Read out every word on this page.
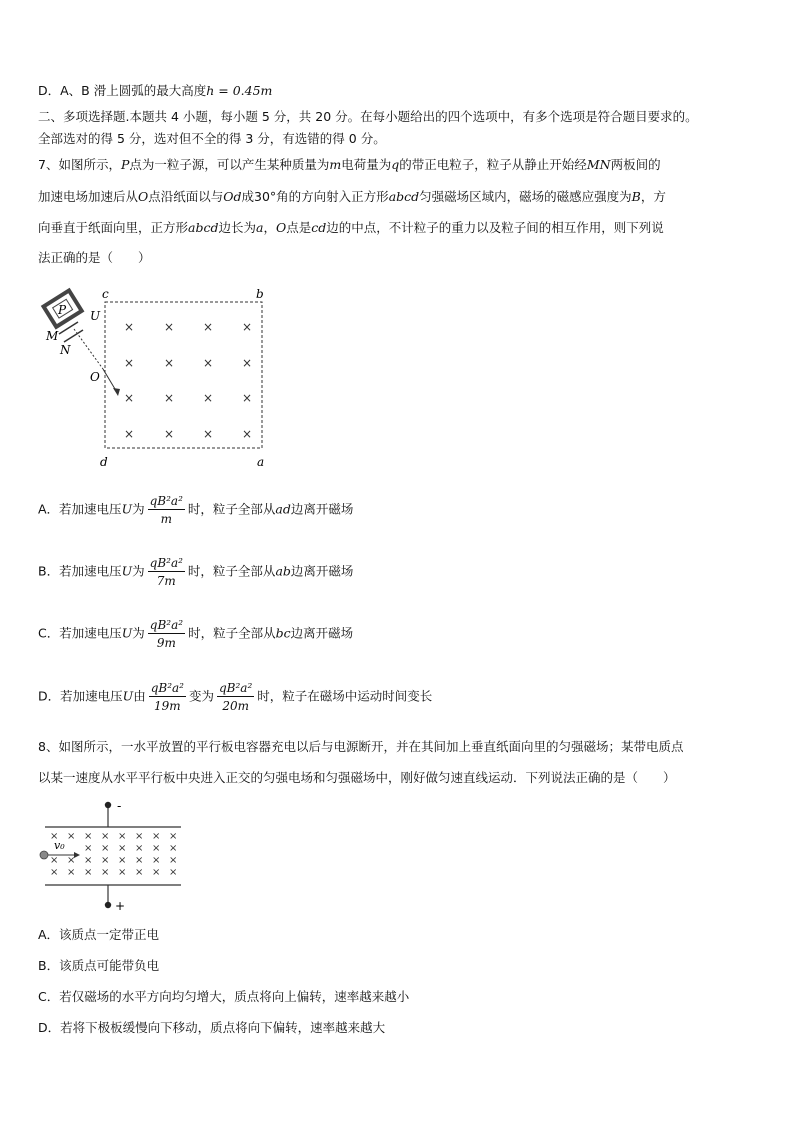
D．A、B 滑上圆弧的最大高度h = 0.45m
二、多项选择题.本题共 4 小题，每小题 5 分，共 20 分。在每小题给出的四个选项中，有多个选项是符合题目要求的。
全部选对的得 5 分，选对但不全的得 3 分，有选错的得 0 分。
7、如图所示，P点为一粒子源，可以产生某种质量为m电荷量为q的带正电粒子，粒子从静止开始经MN两板间的
加速电场加速后从O点沿纸面以与Od成30°角的方向射入正方形abcd匀强磁场区域内，磁场的磁感应强度为B，方
向垂直于纸面向里，正方形abcd边长为a，O点是cd边的中点，不计粒子的重力以及粒子间的相互作用，则下列说
法正确的是（　　）
P U
M
N
O
c	b
d	a
× × × ×
× × × ×
× × × ×
× × × ×
A．若加速电压U为 $\frac{\text{qB²a²}}{m}$ 时，粒子全部从ad边离开磁场
B．若加速电压U为 $\frac{\text{qB²a²}}{7m}$ 时，粒子全部从ab边离开磁场
C．若加速电压U为 $\frac{\text{qB²a²}}{9m}$ 时，粒子全部从bc边离开磁场
D．若加速电压U由 $\frac{\text{qB²a²}}{19m}$ 变为 $\frac{\text{qB²a²}}{20m}$ 时，粒子在磁场中运动时间变长
8、如图所示，一水平放置的平行板电容器充电以后与电源断开，并在其间加上垂直纸面向里的匀强磁场；某带电质点
以某一速度从水平平行板中央进入正交的匀强电场和匀强磁场中，刚好做匀速直线运动．下列说法正确的是（　　）
-
+
v₀
× × × × × × × ×
× × × × × ×
× × × × × × × ×
× × × × × × × ×
A．该质点一定带正电
B．该质点可能带负电
C．若仅磁场的水平方向均匀增大，质点将向上偏转，速率越来越小
D．若将下极板缓慢向下移动，质点将向下偏转，速率越来越大
